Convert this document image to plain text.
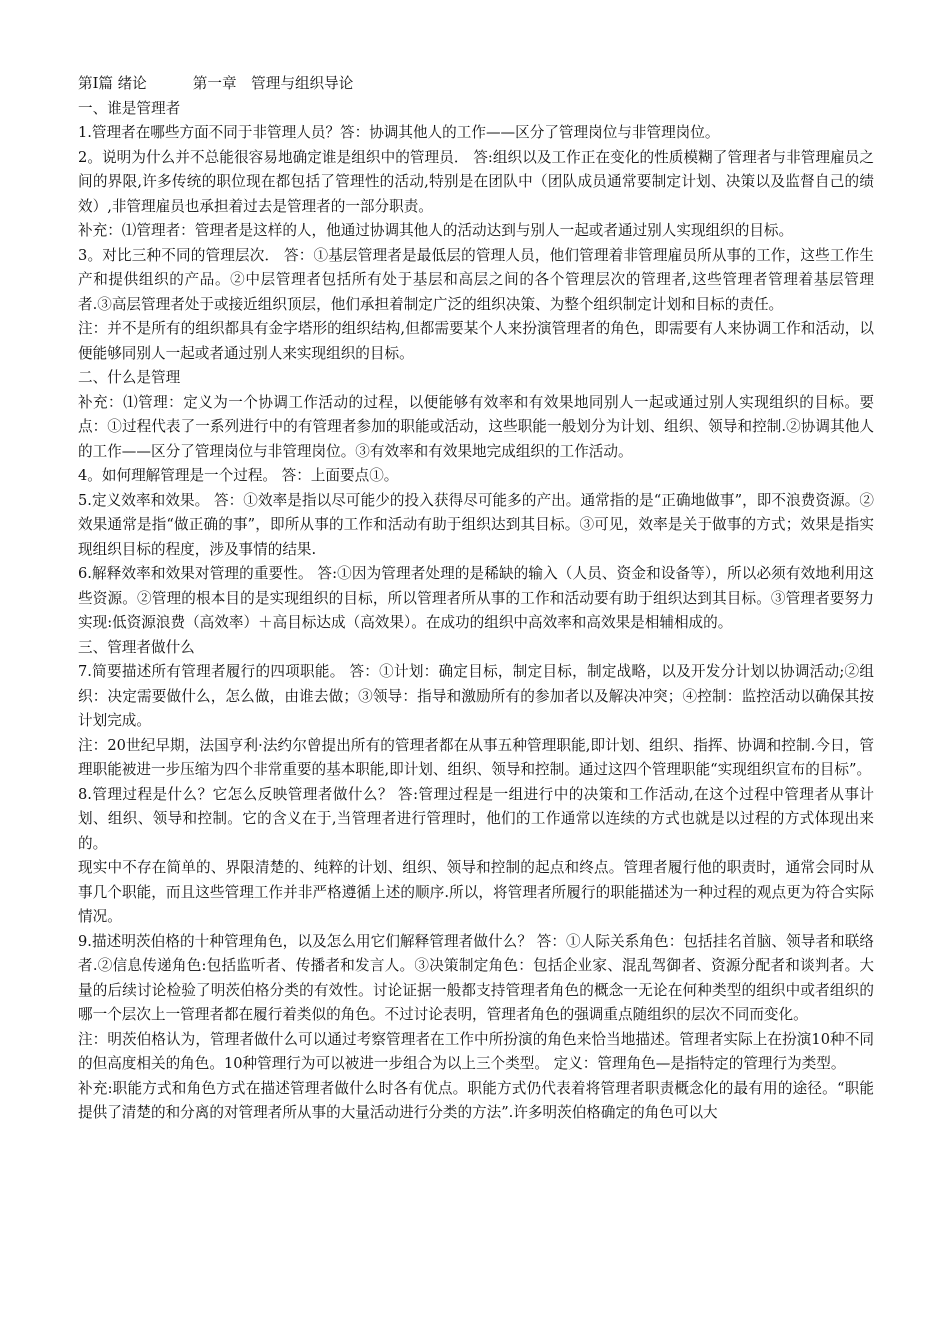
第Ⅰ篇 绪论	第一章　管理与组织导论

一、谁是管理者

1.管理者在哪些方面不同于非管理人员？答：协调其他人的工作——区分了管理岗位与非管理岗位。

2。说明为什么并不总能很容易地确定谁是组织中的管理员． 答:组织以及工作正在变化的性质模糊了管理者与非管理雇员之间的界限,许多传统的职位现在都包括了管理性的活动,特别是在团队中（团队成员通常要制定计划、决策以及监督自己的绩效）,非管理雇员也承担着过去是管理者的一部分职责。

补充：⑴管理者：管理者是这样的人，他通过协调其他人的活动达到与别人一起或者通过别人实现组织的目标。

3。对比三种不同的管理层次． 答：①基层管理者是最低层的管理人员，他们管理着非管理雇员所从事的工作，这些工作生产和提供组织的产品。②中层管理者包括所有处于基层和高层之间的各个管理层次的管理者,这些管理者管理着基层管理者.③高层管理者处于或接近组织顶层，他们承担着制定广泛的组织决策、为整个组织制定计划和目标的责任。

注：并不是所有的组织都具有金字塔形的组织结构,但都需要某个人来扮演管理者的角色，即需要有人来协调工作和活动，以便能够同别人一起或者通过别人来实现组织的目标。

二、什么是管理

补充：⑴管理：定义为一个协调工作活动的过程，以便能够有效率和有效果地同别人一起或通过别人实现组织的目标。要点：①过程代表了一系列进行中的有管理者参加的职能或活动，这些职能一般划分为计划、组织、领导和控制.②协调其他人的工作——区分了管理岗位与非管理岗位。③有效率和有效果地完成组织的工作活动。

4。如何理解管理是一个过程。 答：上面要点①。

5.定义效率和效果。 答：①效率是指以尽可能少的投入获得尽可能多的产出。通常指的是“正确地做事”，即不浪费资源。②效果通常是指“做正确的事”，即所从事的工作和活动有助于组织达到其目标。③可见，效率是关于做事的方式；效果是指实现组织目标的程度，涉及事情的结果.

6.解释效率和效果对管理的重要性。 答:①因为管理者处理的是稀缺的输入（人员、资金和设备等），所以必须有效地利用这些资源。②管理的根本目的是实现组织的目标，所以管理者所从事的工作和活动要有助于组织达到其目标。③管理者要努力实现:低资源浪费（高效率）＋高目标达成（高效果）。在成功的组织中高效率和高效果是相辅相成的。

三、管理者做什么

7.简要描述所有管理者履行的四项职能。 答：①计划：确定目标，制定目标，制定战略，以及开发分计划以协调活动;②组织：决定需要做什么，怎么做，由谁去做；③领导：指导和激励所有的参加者以及解决冲突；④控制：监控活动以确保其按计划完成。

注：20世纪早期，法国亨利·法约尔曾提出所有的管理者都在从事五种管理职能,即计划、组织、指挥、协调和控制.今日，管理职能被进一步压缩为四个非常重要的基本职能,即计划、组织、领导和控制。通过这四个管理职能“实现组织宣布的目标”。

8.管理过程是什么？它怎么反映管理者做什么？ 答:管理过程是一组进行中的决策和工作活动,在这个过程中管理者从事计划、组织、领导和控制。它的含义在于,当管理者进行管理时，他们的工作通常以连续的方式也就是以过程的方式体现出来的。

现实中不存在简单的、界限清楚的、纯粹的计划、组织、领导和控制的起点和终点。管理者履行他的职责时，通常会同时从事几个职能，而且这些管理工作并非严格遵循上述的顺序.所以，将管理者所履行的职能描述为一种过程的观点更为符合实际情况。

9.描述明茨伯格的十种管理角色，以及怎么用它们解释管理者做什么？ 答：①人际关系角色：包括挂名首脑、领导者和联络者.②信息传递角色:包括监听者、传播者和发言人。③决策制定角色：包括企业家、混乱驾御者、资源分配者和谈判者。大量的后续讨论检验了明茨伯格分类的有效性。讨论证据一般都支持管理者角色的概念一无论在何种类型的组织中或者组织的哪一个层次上一管理者都在履行着类似的角色。不过讨论表明，管理者角色的强调重点随组织的层次不同而变化。

注：明茨伯格认为，管理者做什么可以通过考察管理者在工作中所扮演的角色来恰当地描述。管理者实际上在扮演10种不同的但高度相关的角色。10种管理行为可以被进一步组合为以上三个类型。 定义：管理角色—是指特定的管理行为类型。

补充:职能方式和角色方式在描述管理者做什么时各有优点。职能方式仍代表着将管理者职责概念化的最有用的途径。“职能提供了清楚的和分离的对管理者所从事的大量活动进行分类的方法”.许多明茨伯格确定的角色可以大
